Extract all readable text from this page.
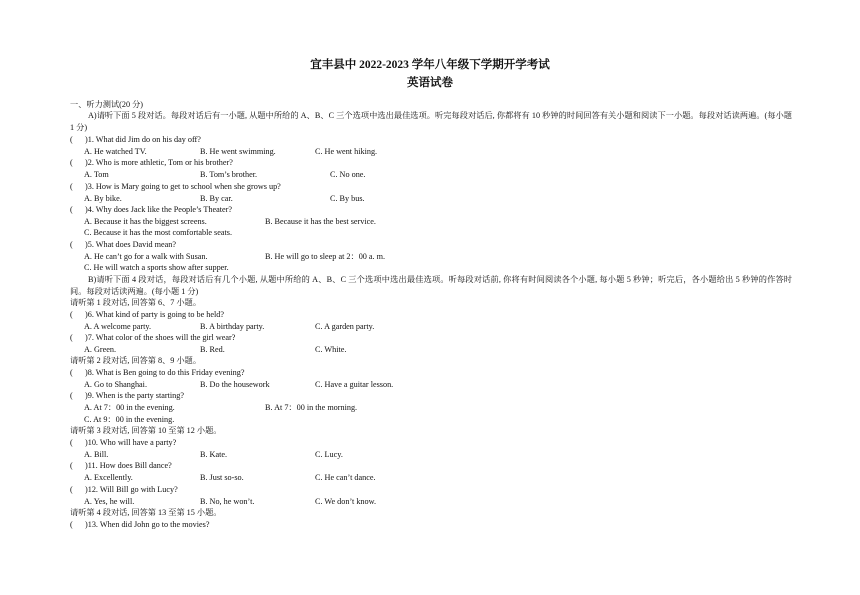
宜丰县中 2022-2023 学年八年级下学期开学考试
英语试卷
一、听力测试(20 分)
A)请听下面 5 段对话。每段对话后有一小题, 从题中所给的 A、B、C 三个选项中选出最佳选项。听完每段对话后, 你都将有 10 秒钟的时间回答有关小题和阅读下一小题。每段对话读两遍。(每小题 1 分)
( )1. What did Jim do on his day off?
A. He watched TV.	B. He went swimming.	C. He went hiking.
( )2. Who is more athletic, Tom or his brother?
A. Tom	B. Tom’s brother.	C. No one.
( )3. How is Mary going to get to school when she grows up?
A. By bike.	B. By car.	C. By bus.
( )4. Why does Jack like the People’s Theater?
A. Because it has the biggest screens.	B. Because it has the best service.
C. Because it has the most comfortable seats.
( )5. What does David mean?
A. He can’t go for a walk with Susan.	B. He will go to sleep at 2：00 a. m.
C. He will watch a sports show after supper.
B)请听下面 4 段对话，每段对话后有几个小题, 从题中所给的 A、B、C 三个选项中选出最佳选项。听每段对话前, 你将有时间阅读各个小题, 每小题 5 秒钟；听完后，各小题给出 5 秒钟的作答时间。每段对话读两遍。(每小题 1 分)
请听第 1 段对话, 回答第 6、7 小题。
( )6. What kind of party is going to be held?
A. A welcome party.	B. A birthday party.	C. A garden party.
( )7. What color of the shoes will the girl wear?
A. Green.	B. Red.	C. White.
请听第 2 段对话, 回答第 8、9 小题。
( )8. What is Ben going to do this Friday evening?
A. Go to Shanghai.	B. Do the housework	C. Have a guitar lesson.
( )9. When is the party starting?
A. At 7：00 in the evening.	B. At 7：00 in the morning.
C. At 9：00 in the evening.
请听第 3 段对话, 回答第 10 至第 12 小题。
( )10. Who will have a party?
A. Bill.	B. Kate.	C. Lucy.
( )11. How does Bill dance?
A. Excellently.	B. Just so-so.	C. He can’t dance.
( )12. Will Bill go with Lucy?
A. Yes, he will.	B. No, he won’t.	C. We don’t know.
请听第 4 段对话, 回答第 13 至第 15 小题。
( )13. When did John go to the movies?
